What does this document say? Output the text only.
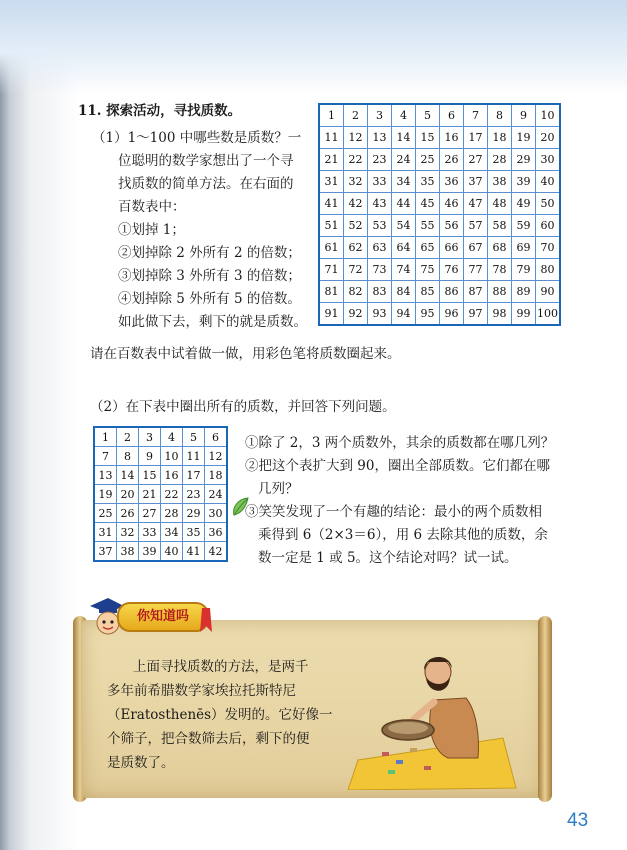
11. 探索活动，寻找质数。
（1）1～100 中哪些数是质数？一
位聪明的数学家想出了一个寻
找质数的简单方法。在右面的
百数表中：
①划掉 1；
②划掉除 2 外所有 2 的倍数；
③划掉除 3 外所有 3 的倍数；
④划掉除 5 外所有 5 的倍数。
如此做下去，剩下的就是质数。
1	2	3	4	5	6	7	8	9	10
11	12	13	14	15	16	17	18	19	20
21	22	23	24	25	26	27	28	29	30
31	32	33	34	35	36	37	38	39	40
41	42	43	44	45	46	47	48	49	50
51	52	53	54	55	56	57	58	59	60
61	62	63	64	65	66	67	68	69	70
71	72	73	74	75	76	77	78	79	80
81	82	83	84	85	86	87	88	89	90
91	92	93	94	95	96	97	98	99	100
请在百数表中试着做一做，用彩色笔将质数圈起来。
（2）在下表中圈出所有的质数，并回答下列问题。
1	2	3	4	5	6
7	8	9	10	11	12
13	14	15	16	17	18
19	20	21	22	23	24
25	26	27	28	29	30
31	32	33	34	35	36
37	38	39	40	41	42
①除了 2，3 两个质数外，其余的质数都在哪几列？
②把这个表扩大到 90，圈出全部质数。它们都在哪
几列？
③笑笑发现了一个有趣的结论：最小的两个质数相
乘得到 6（2×3＝6），用 6 去除其他的质数，余
数一定是 1 或 5。这个结论对吗？试一试。
你知道吗
上面寻找质数的方法，是两千
多年前希腊数学家埃拉托斯特尼
（Eratosthenēs）发明的。它好像一
个筛子，把合数筛去后，剩下的便
是质数了。
43
